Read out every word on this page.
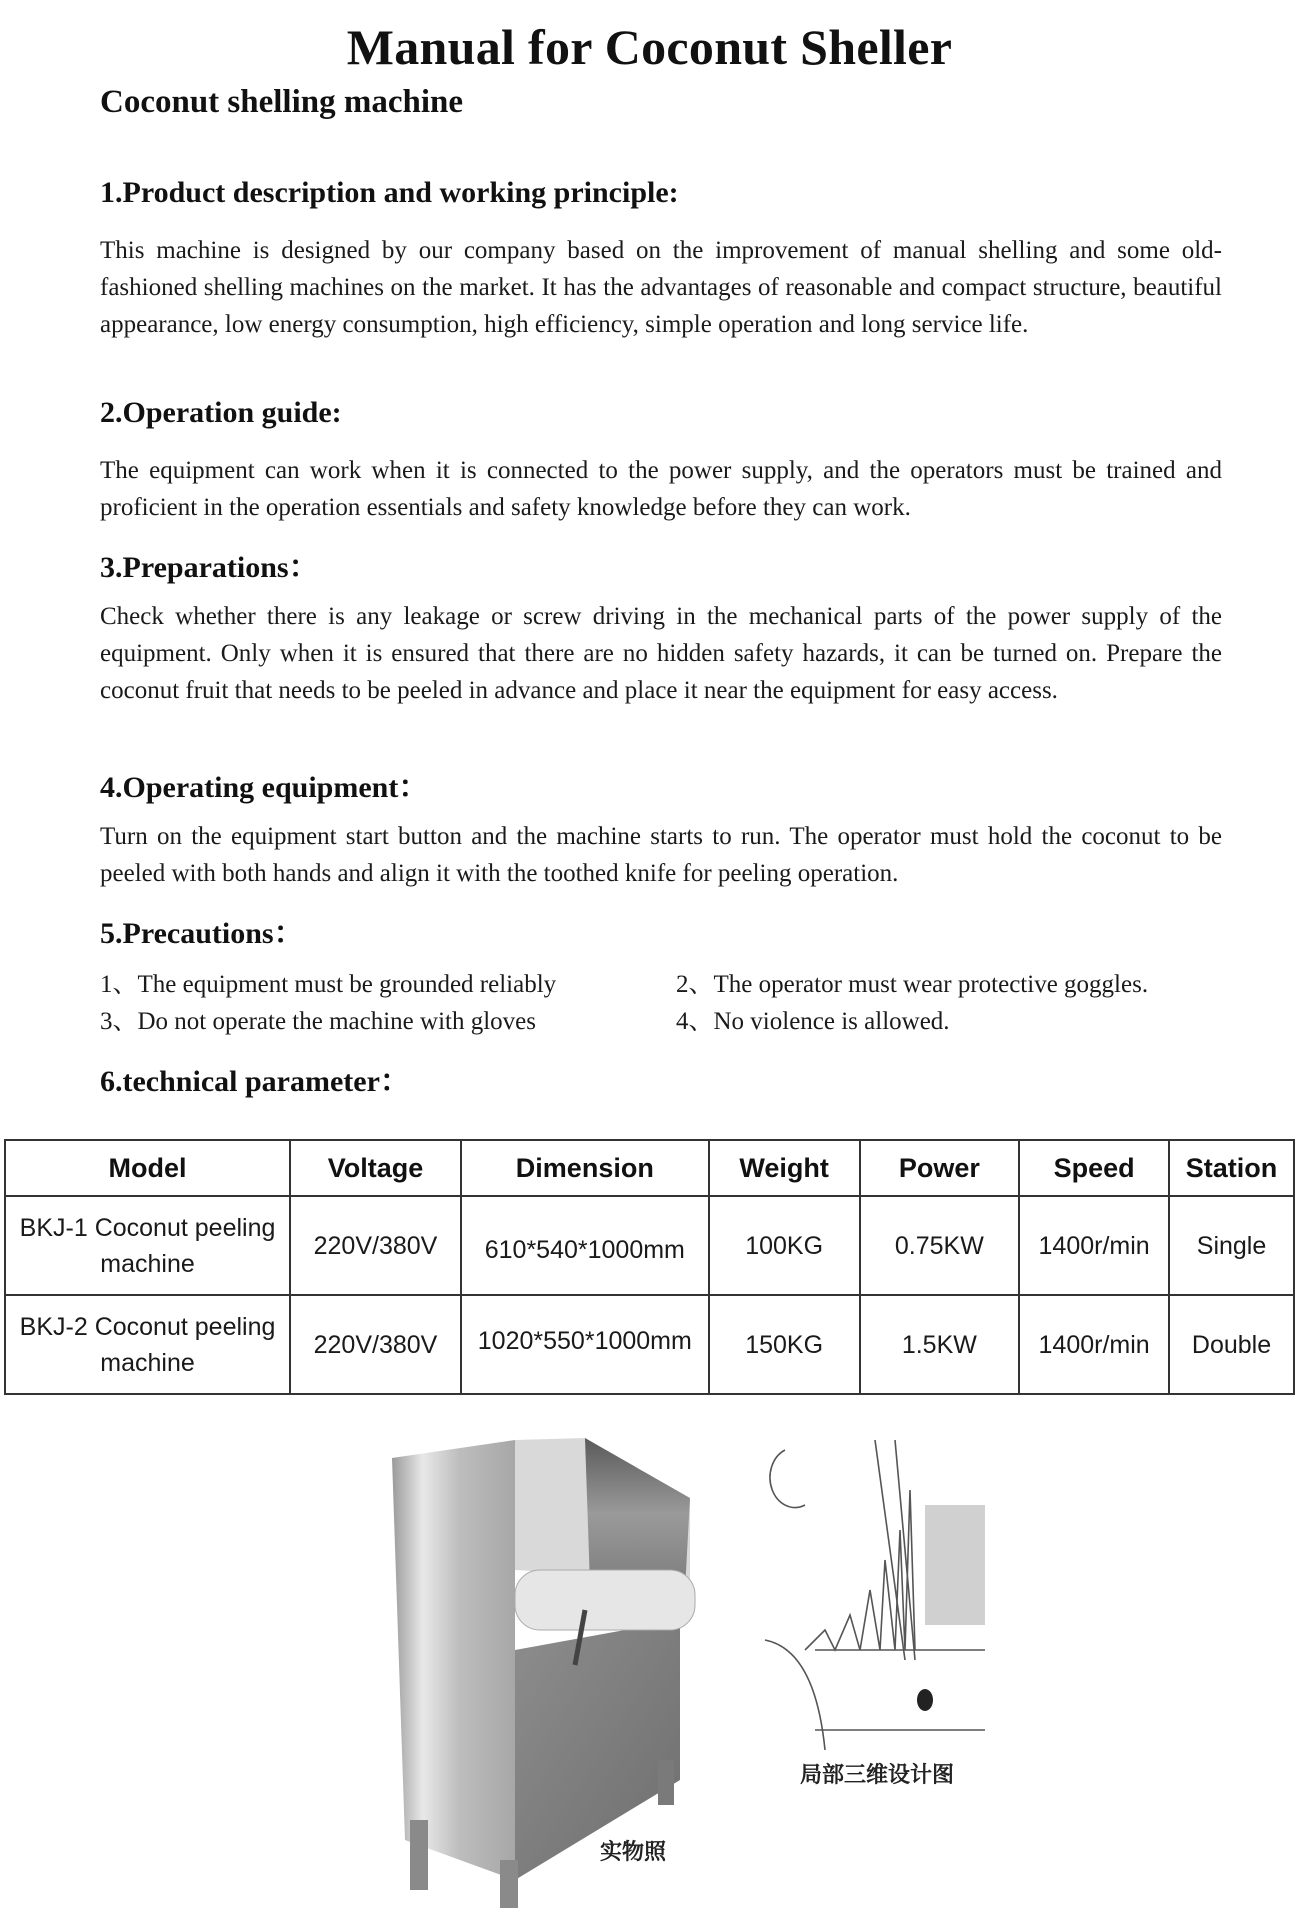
Manual for Coconut Sheller
Coconut shelling machine
1.Product description and working principle:
This machine is designed by our company based on the improvement of manual shelling and some old-fashioned shelling machines on the market. It has the advantages of reasonable and compact structure, beautiful appearance, low energy consumption, high efficiency, simple operation and long service life.
2.Operation guide:
The equipment can work when it is connected to the power supply, and the operators must be trained and proficient in the operation essentials and safety knowledge before they can work.
3.Preparations：
Check whether there is any leakage or screw driving in the mechanical parts of the power supply of the equipment. Only when it is ensured that there are no hidden safety hazards, it can be turned on. Prepare the coconut fruit that needs to be peeled in advance and place it near the equipment for easy access.
4.Operating equipment：
Turn on the equipment start button and the machine starts to run. The operator must hold the coconut to be peeled with both hands and align it with the toothed knife for peeling operation.
5.Precautions：
1、The equipment must be grounded reliably	2、The operator must wear protective goggles.
3、Do not operate the machine with gloves	4、No violence is allowed.
6.technical parameter：
Model	Voltage	Dimension	Weight	Power	Speed	Station
BKJ-1 Coconut peeling machine	220V/380V	610*540*1000mm	100KG	0.75KW	1400r/min	Single
BKJ-2 Coconut peeling machine	220V/380V	1020*550*1000mm	150KG	1.5KW	1400r/min	Double
实物照
局部三维设计图
